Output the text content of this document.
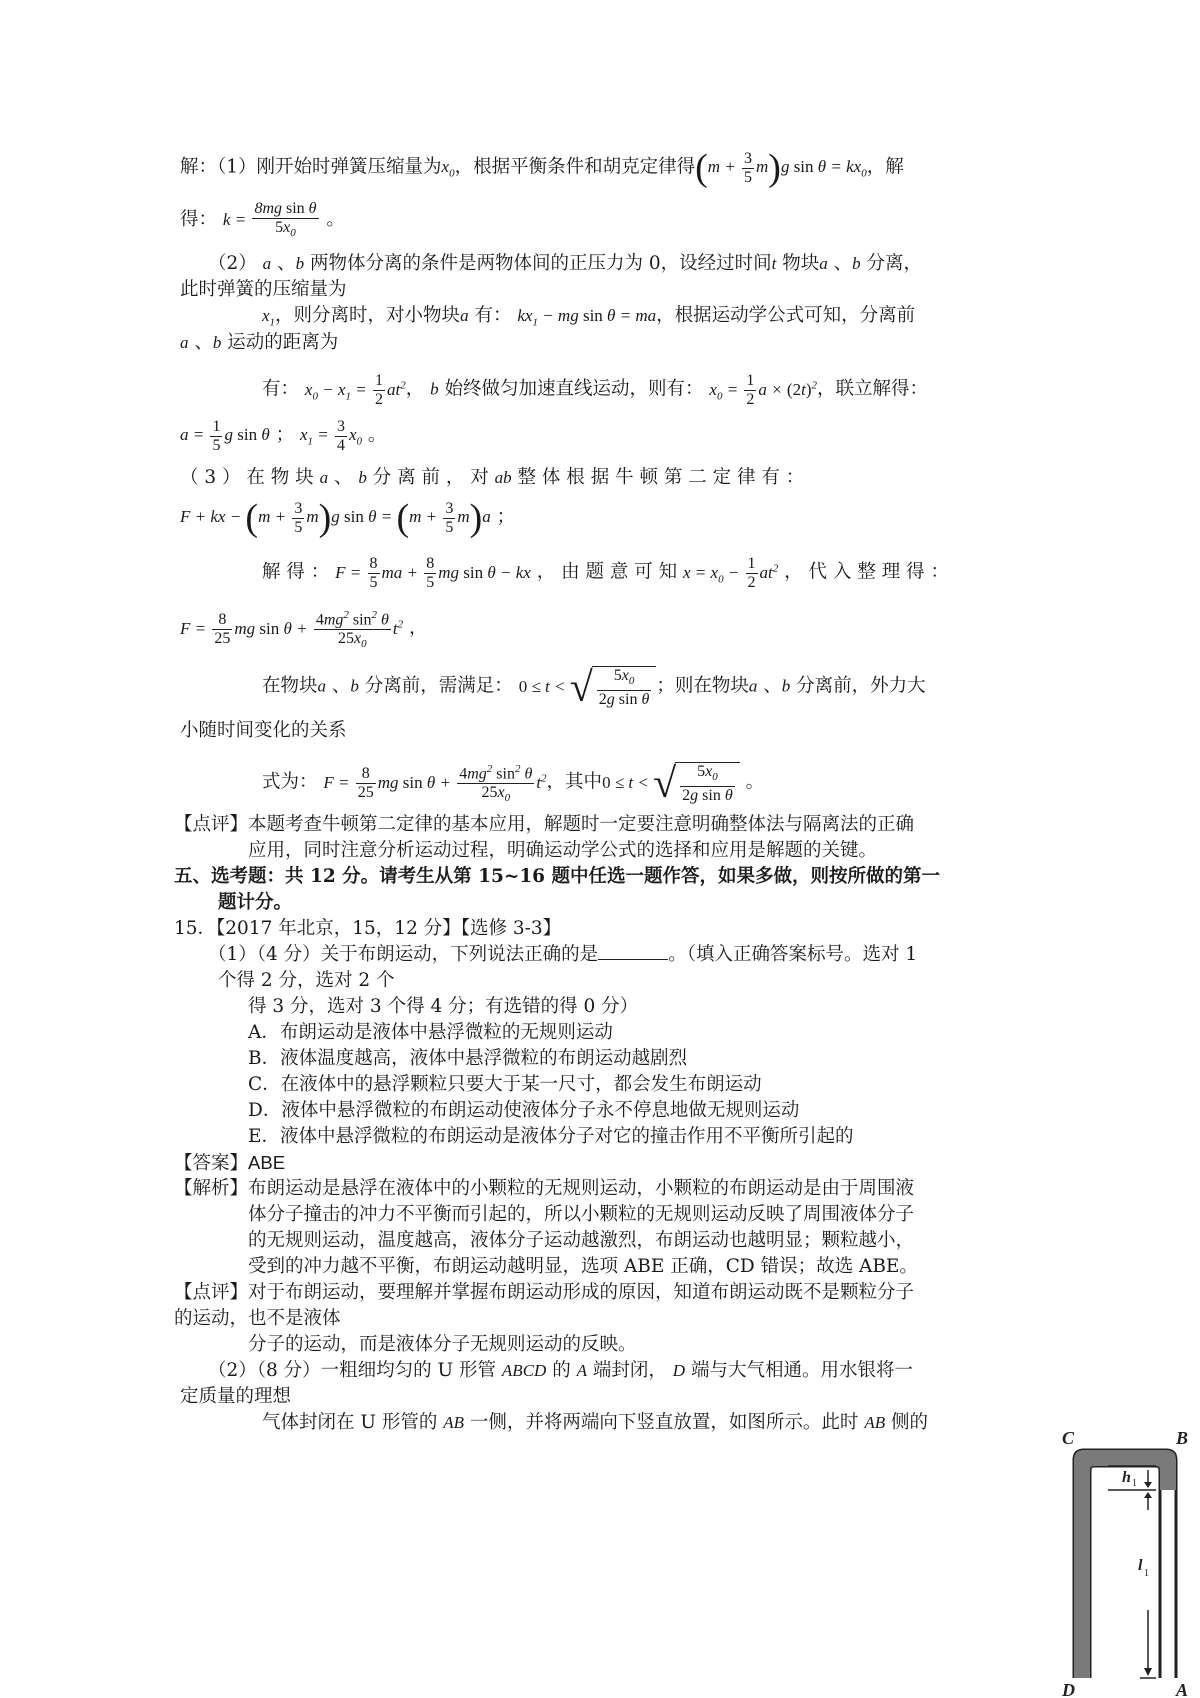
解：（1）刚开始时弹簧压缩量为$x_0$，根据平衡条件和胡克定律得$(m + \frac{3}{5} m)g$ $\sin \theta = kx_0$，解
得： $k = \frac{\text{8mg sin θ}}{5x_0}$ 。
（2） a 、b 两物体分离的条件是两物体间的正压力为 0，设经过时间t 物块a 、b 分离，
此时弹簧的压缩量为
$x_1$，则分离时，对小物块a 有： $kx_1$ − mg sin θ = ma，根据运动学公式可知，分离前
a 、b 运动的距离为
有： $x_0 - x_1 = \frac{1}{2} at^2$， b 始终做匀加速直线运动，则有： $x_0 = \frac{1}{2}$ $a \times (2t)^2$，联立解得：
$a = \frac{1}{5}$ g sin θ ； $x_1 = \frac{3}{4} x_0$ 。
（ 3 ） 在 物 块 a 、 b 分 离 前 ， 对 ab 整 体 根 据 牛 顿 第 二 定 律 有 ：
F + kx − $(m + \frac{3}{5} m)g$ $\sin \theta = (m + \frac{3}{5} m)a$ ；
解 得 ： $F = \frac{8}{5}$ ma + $\frac{8}{5}$ mg sin θ − kx ， 由 题 意 可 知 $x = x_0 - \frac{1}{2} at^2$ ， 代 入 整 理 得 ：
$F = \frac{8}{25}$ mg $\sin \theta + \frac{4mg^2 \sin^2 \theta}{25x_0} t^2$ ，
在物块a 、b 分离前，需满足： 0 ≤ t < √ $\frac{5x_0}{\text{2g sin θ}}$ ；则在物块a 、b 分离前，外力大
小随时间变化的关系
式为： $F = \frac{8}{25}$ mg $\sin \theta + \frac{4mg^2 \sin^2 \theta}{25x_0} t^2$，其中0 ≤ t < √ $\frac{5x_0}{\text{2g sin θ}}$ 。
【点评】本题考查牛顿第二定律的基本应用，解题时一定要注意明确整体法与隔离法的正确
应用，同时注意分析运动过程，明确运动学公式的选择和应用是解题的关键。
五、选考题：共 12 分。请考生从第 15~16 题中任选一题作答，如果多做，则按所做的第一
题计分。
15．【2017 年北京，15，12 分】【选修 3-3】
（1）（4 分）关于布朗运动，下列说法正确的是	。（填入正确答案标号。选对 1
个得 2 分，选对 2 个
得 3 分，选对 3 个得 4 分；有选错的得 0 分）
A．布朗运动是液体中悬浮微粒的无规则运动
B．液体温度越高，液体中悬浮微粒的布朗运动越剧烈
C．在液体中的悬浮颗粒只要大于某一尺寸，都会发生布朗运动
D．液体中悬浮微粒的布朗运动使液体分子永不停息地做无规则运动
E．液体中悬浮微粒的布朗运动是液体分子对它的撞击作用不平衡所引起的
【答案】ABE
【解析】布朗运动是悬浮在液体中的小颗粒的无规则运动，小颗粒的布朗运动是由于周围液
体分子撞击的冲力不平衡而引起的，所以小颗粒的无规则运动反映了周围液体分子
的无规则运动，温度越高，液体分子运动越激烈，布朗运动也越明显；颗粒越小，
受到的冲力越不平衡，布朗运动越明显，选项 ABE 正确，CD 错误；故选 ABE。
【点评】对于布朗运动，要理解并掌握布朗运动形成的原因，知道布朗运动既不是颗粒分子
的运动，也不是液体
分子的运动，而是液体分子无规则运动的反映。
（2）（8 分）一粗细均匀的 U 形管 ABCD 的 A 端封闭， D 端与大气相通。用水银将一
定质量的理想
气体封闭在 U 形管的 AB 一侧，并将两端向下竖直放置，如图所示。此时 AB 侧的
h 1
l 1
C	B
D	A
